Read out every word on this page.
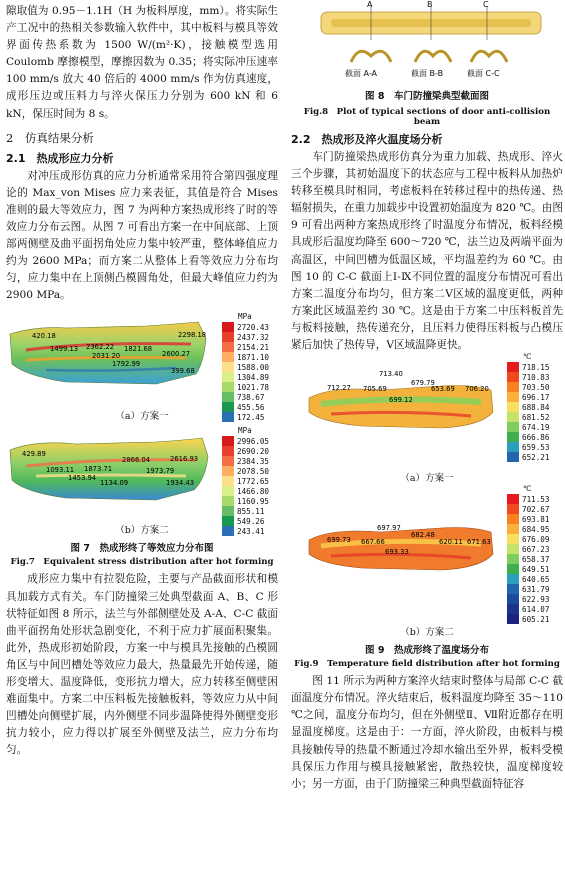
隙取值为 0.95－1.1H（H 为板料厚度，mm）。将实际生产工况中的热相关参数输入软件中，其中板料与模具等效界面传热系数为 1500 W/(m²·K)，接触模型选用 Coulomb 摩擦模型，摩擦因数为 0.35；将实际冲压速率 100 mm/s 放大 40 倍后的 4000 mm/s 作为仿真速度，成形压边或压料力与淬火保压力分别为 600 kN 和 6 kN，保压时间为 8 s。

2　仿真结果分析
2.1　热成形应力分析

对冲压成形仿真的应力分析通常采用符合第四强度理论的 Max_von Mises 应力来表征，其值是符合 Mises 准则的最大等效应力，图 7 为两种方案热成形终了时的等效应力分布云图。从图 7 可看出方案一在中间底部、上顶部两侧壁及曲平面拐角处应力集中较严重，整体峰值应力约为 2600 MPa；而方案二从整体上看等效应力分布均匀，应力集中在上顶侧凸模圆角处，但最大峰值应力约为 2900 MPa。

420.18
1499.13 2362.22 1821.68
2298.18
2031.20
1792.99
2600.27
399.68
MPa
2720.43
2437.32
2154.21
1871.10
1588.00
1304.89
1021.78
738.67
455.56
172.45
（a）方案一
429.89
1093.11 1873.71
1453.94
2866.04	2616.93
1973.79
1134.09	1934.43
MPa
2996.05
2690.20
2384.35
2078.50
1772.65
1466.80
1160.95
855.11
549.26
243.41
（b）方案二
图 7　热成形终了等效应力分布图
Fig.7　Equivalent stress distribution after hot forming

成形应力集中有拉裂危险，主要与产品截面形状和模具加载方式有关。车门防撞梁三处典型截面 A、B、C 形状特征如图 8 所示，法兰与外部侧壁处及 A-A、C-C 截面曲平面拐角处形状急剧变化，不利于应力扩展面积聚集。此外，热成形初始阶段，方案一中与模具先接触的凸模圆角区与中间凹槽处等效应力最大，热量最先开始传递，随形变增大、温度降低，变形抗力增大，应力转移至侧壁困难面集中。方案二中压料板先接触板料，等效应力从中间凹槽处向侧壁扩展，内外侧壁不同步温降使得外侧壁变形抗力较小，应力得以扩展至外侧壁及法兰，应力分布均匀。

A	B	C
截面 A-A	截面 B-B	截面 C-C
图 8　车门防撞梁典型截面图
Fig.8　Plot of typical sections of door anti-collision beam
2.2　热成形及淬火温度场分析

车门防撞梁热成形仿真分为重力加载、热成形、淬火三个步骤，其初始温度下的状态应与工程中板料从加热炉转移至模具时相同，考虑板料在转移过程中的热传递、热辐射损失，在重力加载步中设置初始温度为 820 ℃。由图 9 可看出两种方案热成形终了时温度分布情况，板料经模具成形后温度均降至 600～720 ℃，法兰边及两端平面为高温区，中间凹槽为低温区域，平均温差约为 60 ℃。由图 10 的 C-C 截面上Ⅰ-Ⅸ不同位置的温度分布情况可看出方案二温度分布均匀，但方案二Ⅴ区域的温度更低，两种方案此区域温差约 30 ℃。这是由于方案二中压料板首先与板料接触，热传递充分，且压料力使得压料板与凸模压紧后加快了热传导，Ⅴ区域温降更快。

713.40
712.27 705.69
679.79
653.69 706.20
699.12
℃
718.15
710.83
703.50
696.17
688.84
681.52
674.19
666.86
659.53
652.21
（a）方案一
697.97
699.73 667.66
682.48
620.11 671.63
693.33
℃
711.53
702.67
693.81
684.95
676.09
667.23
658.37
649.51
640.65
631.79
622.93
614.07
605.21
（b）方案二
图 9　热成形终了温度场分布
Fig.9　Temperature field distribution after hot forming

图 11 所示为两种方案淬火结束时整体与局部 C-C 截面温度分布情况。淬火结束后，板料温度均降至 35～110 ℃之间，温度分布均匀，但在外侧壁Ⅱ、Ⅶ附近都存在明显温度梯度。这是由于：一方面，淬火阶段，由板料与模具接触传导的热量不断通过冷却水输出至外界，板料受模具保压力作用与模具接触紧密，散热较快，温度梯度较小；另一方面，由于门防撞梁三种典型截面特征容
